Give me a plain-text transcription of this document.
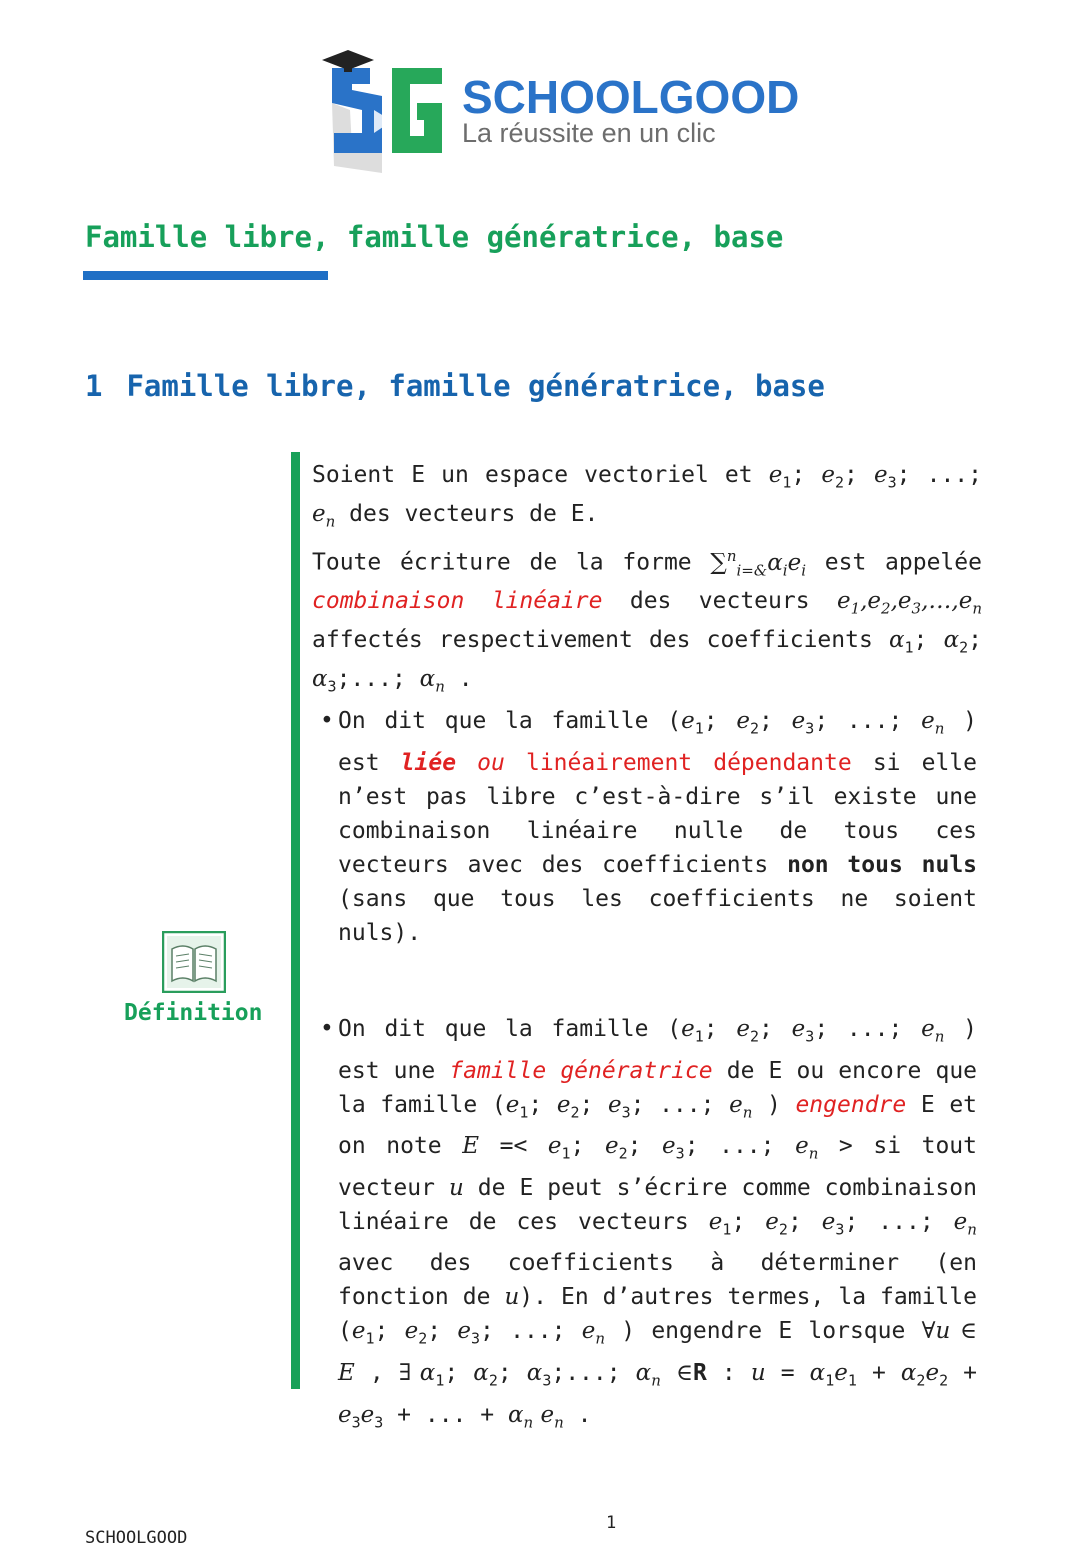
SCHOOLGOOD
La réussite en un clic
Famille libre, famille génératrice, base
1 Famille libre, famille génératrice, base
Définition

Soient E un espace vectoriel et $e_1$; $e_2$; $e_3$; ...; $e_n$ des vecteurs de E.

Toute écriture de la forme $\sum^n_{i=\&}\alpha_ie_i$ est appelée combinaison linéaire des vecteurs $e_1,e_2,e_3,\dots,e_n$ affectés respectivement des coefficients $\alpha_1$; $\alpha_2$; $\alpha_3$;...; $\alpha_n$ .

• On dit que la famille ($e_1$; $e_2$; $e_3$; ...; $e_n$ ) est liée ou linéairement dépendante si elle n’est pas libre c’est-à-dire s’il existe une combinaison linéaire nulle de tous ces vecteurs avec des coefficients non tous nuls (sans que tous les coefficients ne soient nuls).
• On dit que la famille ($e_1$; $e_2$; $e_3$; ...; $e_n$ ) est une famille génératrice de E ou encore que la famille ($e_1$; $e_2$; $e_3$; ...; $e_n$ ) engendre E et on note $E =< e_1$; $e_2$; $e_3$; ...; $e_n$ > si tout vecteur u de E peut s’écrire comme combinaison linéaire de ces vecteurs $e_1$; $e_2$; $e_3$; ...; $e_n$ avec des coefficients à déterminer (en fonction de u). En d’autres termes, la famille ($e_1$; $e_2$; $e_3$; ...; $e_n$ ) engendre E lorsque ∀u ∈ E , ∃ $\alpha_1$; $\alpha_2$; $\alpha_3$;...; $\alpha_n$ ∈R : $u = \alpha_1e_1 + \alpha_2e_2 + e_3e_3$ + ... + $\alpha_n$ $e_n$ .
1
SCHOOLGOOD
